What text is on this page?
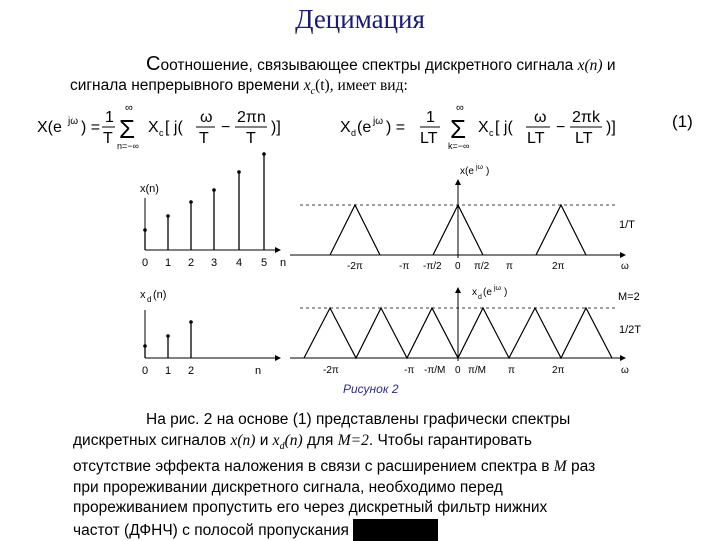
Децимация
Соотношение, связывающее спектры дискретного сигнала x(n) и
сигнала непрерывного времени $x_c(t)$, имеет вид:
X(e jω ) =
1
T
∞
Σ
n=−∞
X c [ j(
ω
T
−
2πn
T
)]	X d (e jω ) =
1
LT
∞
Σ
k=−∞
X c [ j(
ω
LT
−
2πk
LT
)]	(1)
x(n)
0 1 2 3 4 5 n
x d (n)
0 1 2	n
x(e jω )
1/T
-2π	-π -π/2 0 π/2 π	2π	ω
x d (e jω )	M=2
1/2T
-2π	-π -π/M 0 π/M π	2π	ω
Рисунок 2

На рис. 2 на основе (1) представлены графически спектры

дискретных сигналов x(n) и $x_d(n)$ для M=2. Чтобы гарантировать

отсутствие эффекта наложения в связи с расширением спектра в M раз

при прореживании дискретного сигнала, необходимо перед

прореживанием пропустить его через дискретный фильтр нижних

частот (ДФНЧ) с полосой пропускания
